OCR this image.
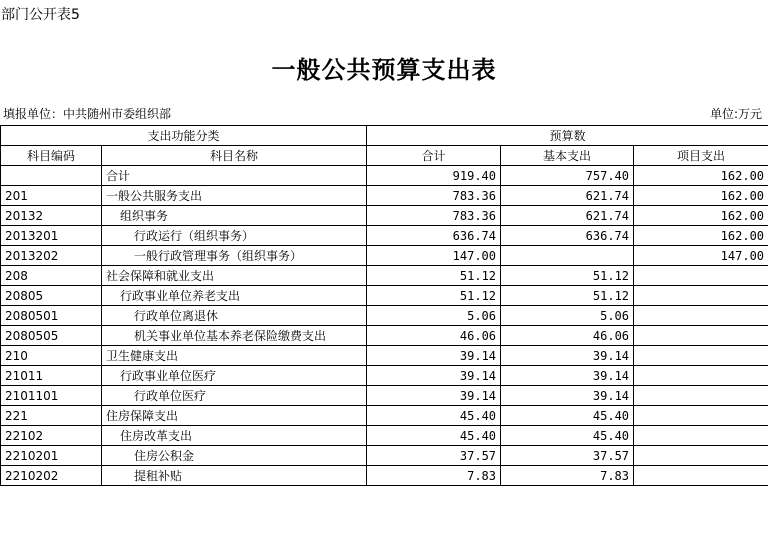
部门公开表5
一般公共预算支出表
填报单位：中共随州市委组织部	单位:万元
支出功能分类		预算数		
科目编码	科目名称	合计	基本支出	项目支出
	合计	919.40	757.40	162.00
201	一般公共服务支出	783.36	621.74	162.00
20132	组织事务	783.36	621.74	162.00
2013201	行政运行（组织事务）	636.74	636.74	162.00
2013202	一般行政管理事务（组织事务）	147.00		147.00
208	社会保障和就业支出	51.12	51.12	
20805	行政事业单位养老支出	51.12	51.12	
2080501	行政单位离退休	5.06	5.06	
2080505	机关事业单位基本养老保险缴费支出	46.06	46.06	
210	卫生健康支出	39.14	39.14	
21011	行政事业单位医疗	39.14	39.14	
2101101	行政单位医疗	39.14	39.14	
221	住房保障支出	45.40	45.40	
22102	住房改革支出	45.40	45.40	
2210201	住房公积金	37.57	37.57	
2210202	提租补贴	7.83	7.83	
